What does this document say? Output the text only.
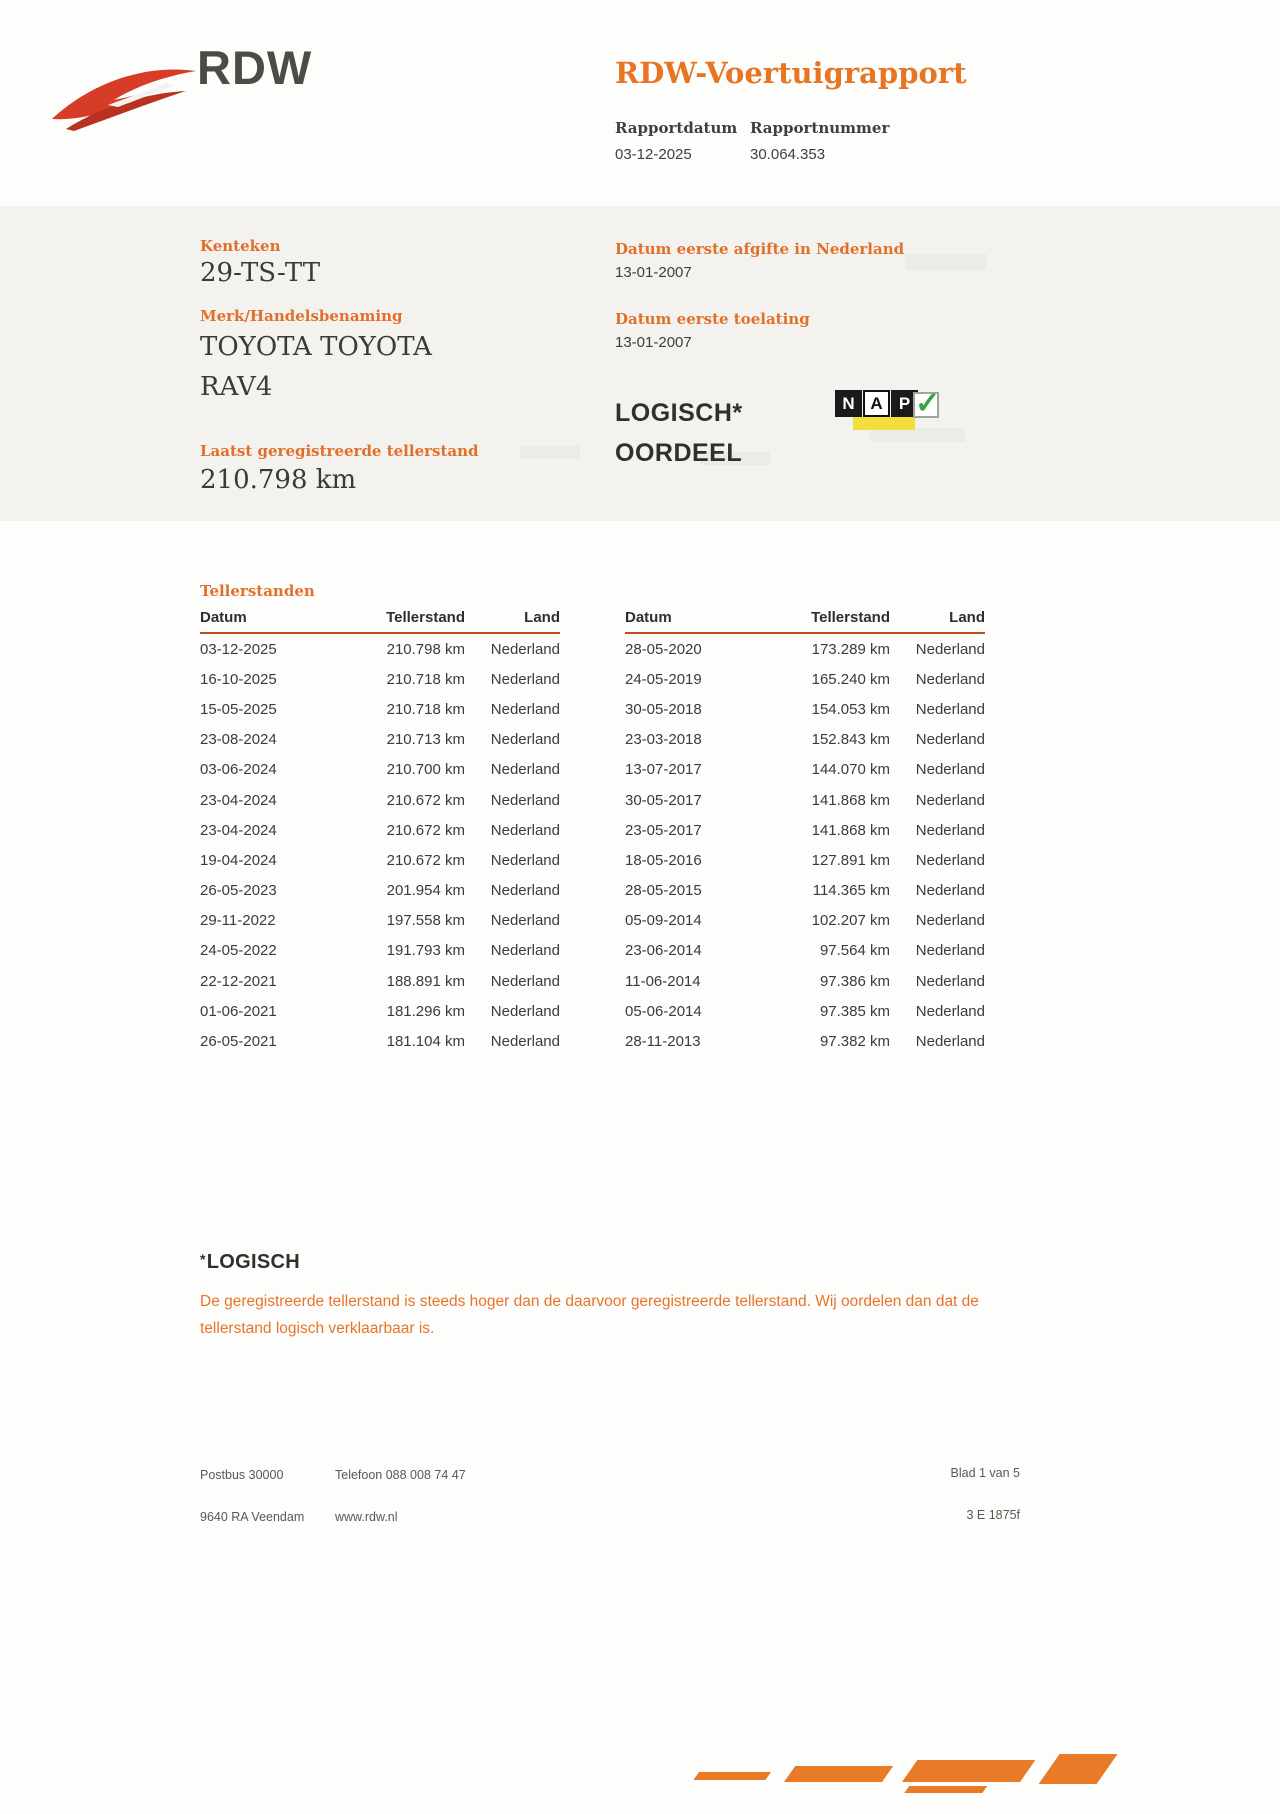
RDW	RDW-Voertuigrapport
Rapportdatum Rapportnummer
03-12-2025	30.064.353
Kenteken
29-TS-TT
Merk/Handelsbenaming
TOYOTA TOYOTA
RAV4
Laatst geregistreerde tellerstand
210.798 km
Datum eerste afgifte in Nederland
13-01-2007
Datum eerste toelating
13-01-2007
LOGISCH*
OORDEEL
N A P ✓
Tellerstanden
Datum	Tellerstand	Land
03-12-2025	210.798 km	Nederland
16-10-2025	210.718 km	Nederland
15-05-2025	210.718 km	Nederland
23-08-2024	210.713 km	Nederland
03-06-2024	210.700 km	Nederland
23-04-2024	210.672 km	Nederland
23-04-2024	210.672 km	Nederland
19-04-2024	210.672 km	Nederland
26-05-2023	201.954 km	Nederland
29-11-2022	197.558 km	Nederland
24-05-2022	191.793 km	Nederland
22-12-2021	188.891 km	Nederland
01-06-2021	181.296 km	Nederland
26-05-2021	181.104 km	Nederland
Datum	Tellerstand	Land
28-05-2020	173.289 km	Nederland
24-05-2019	165.240 km	Nederland
30-05-2018	154.053 km	Nederland
23-03-2018	152.843 km	Nederland
13-07-2017	144.070 km	Nederland
30-05-2017	141.868 km	Nederland
23-05-2017	141.868 km	Nederland
18-05-2016	127.891 km	Nederland
28-05-2015	114.365 km	Nederland
05-09-2014	102.207 km	Nederland
23-06-2014	97.564 km	Nederland
11-06-2014	97.386 km	Nederland
05-06-2014	97.385 km	Nederland
28-11-2013	97.382 km	Nederland
*LOGISCH
De geregistreerde tellerstand is steeds hoger dan de daarvoor geregistreerde tellerstand. Wij oordelen dan dat de tellerstand logisch verklaarbaar is.
Postbus 30000
9640 RA Veendam
Telefoon 088 008 74 47
www.rdw.nl
Blad 1 van 5
3 E 1875f
